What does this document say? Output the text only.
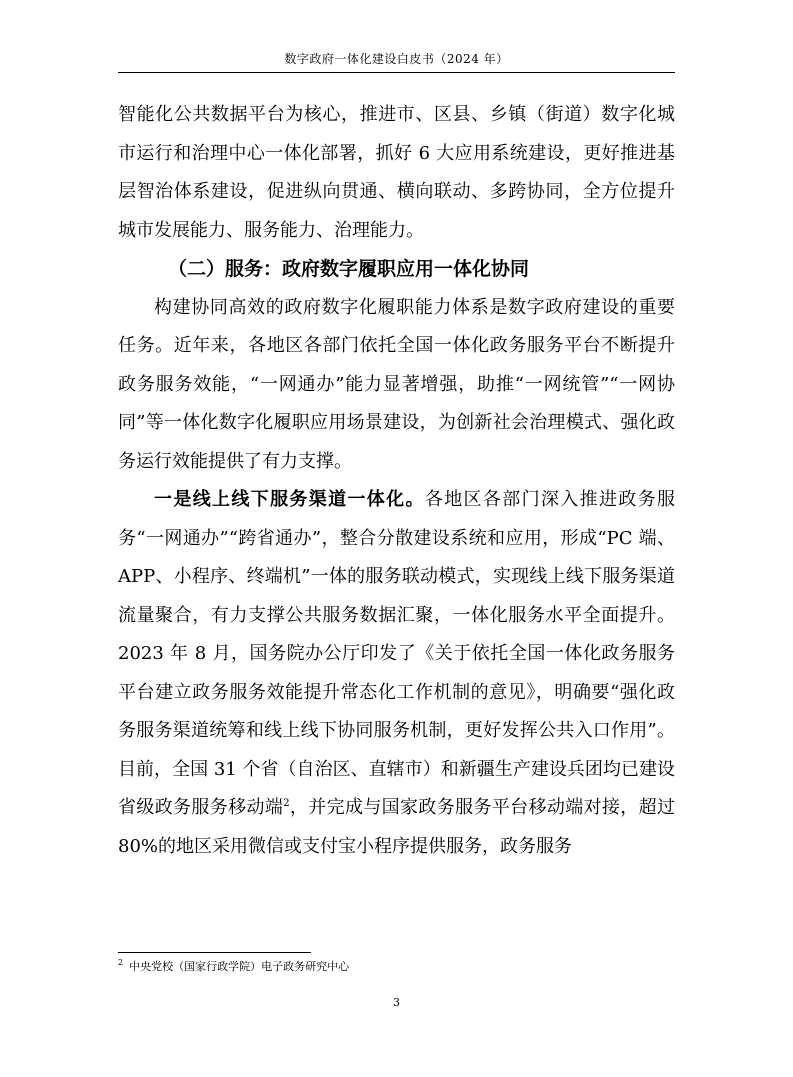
数字政府一体化建设白皮书（2024 年）

智能化公共数据平台为核心，推进市、区县、乡镇（街道）数字化城市运行和治理中心一体化部署，抓好 6 大应用系统建设，更好推进基层智治体系建设，促进纵向贯通、横向联动、多跨协同，全方位提升城市发展能力、服务能力、治理能力。

（二）服务：政府数字履职应用一体化协同

构建协同高效的政府数字化履职能力体系是数字政府建设的重要任务。近年来，各地区各部门依托全国一体化政务服务平台不断提升政务服务效能，“一网通办”能力显著增强，助推“一网统管”“一网协同”等一体化数字化履职应用场景建设，为创新社会治理模式、强化政务运行效能提供了有力支撑。

一是线上线下服务渠道一体化。各地区各部门深入推进政务服务“一网通办”“跨省通办”，整合分散建设系统和应用，形成“PC 端、APP、小程序、终端机”一体的服务联动模式，实现线上线下服务渠道流量聚合，有力支撑公共服务数据汇聚，一体化服务水平全面提升。2023 年 8 月，国务院办公厅印发了《关于依托全国一体化政务服务平台建立政务服务效能提升常态化工作机制的意见》，明确要“强化政务服务渠道统筹和线上线下协同服务机制，更好发挥公共入口作用”。目前，全国 31 个省（自治区、直辖市）和新疆生产建设兵团均已建设省级政务服务移动端$^2$，并完成与国家政务服务平台移动端对接，超过 80%的地区采用微信或支付宝小程序提供服务，政务服务

$^2$ 中央党校（国家行政学院）电子政务研究中心
3
